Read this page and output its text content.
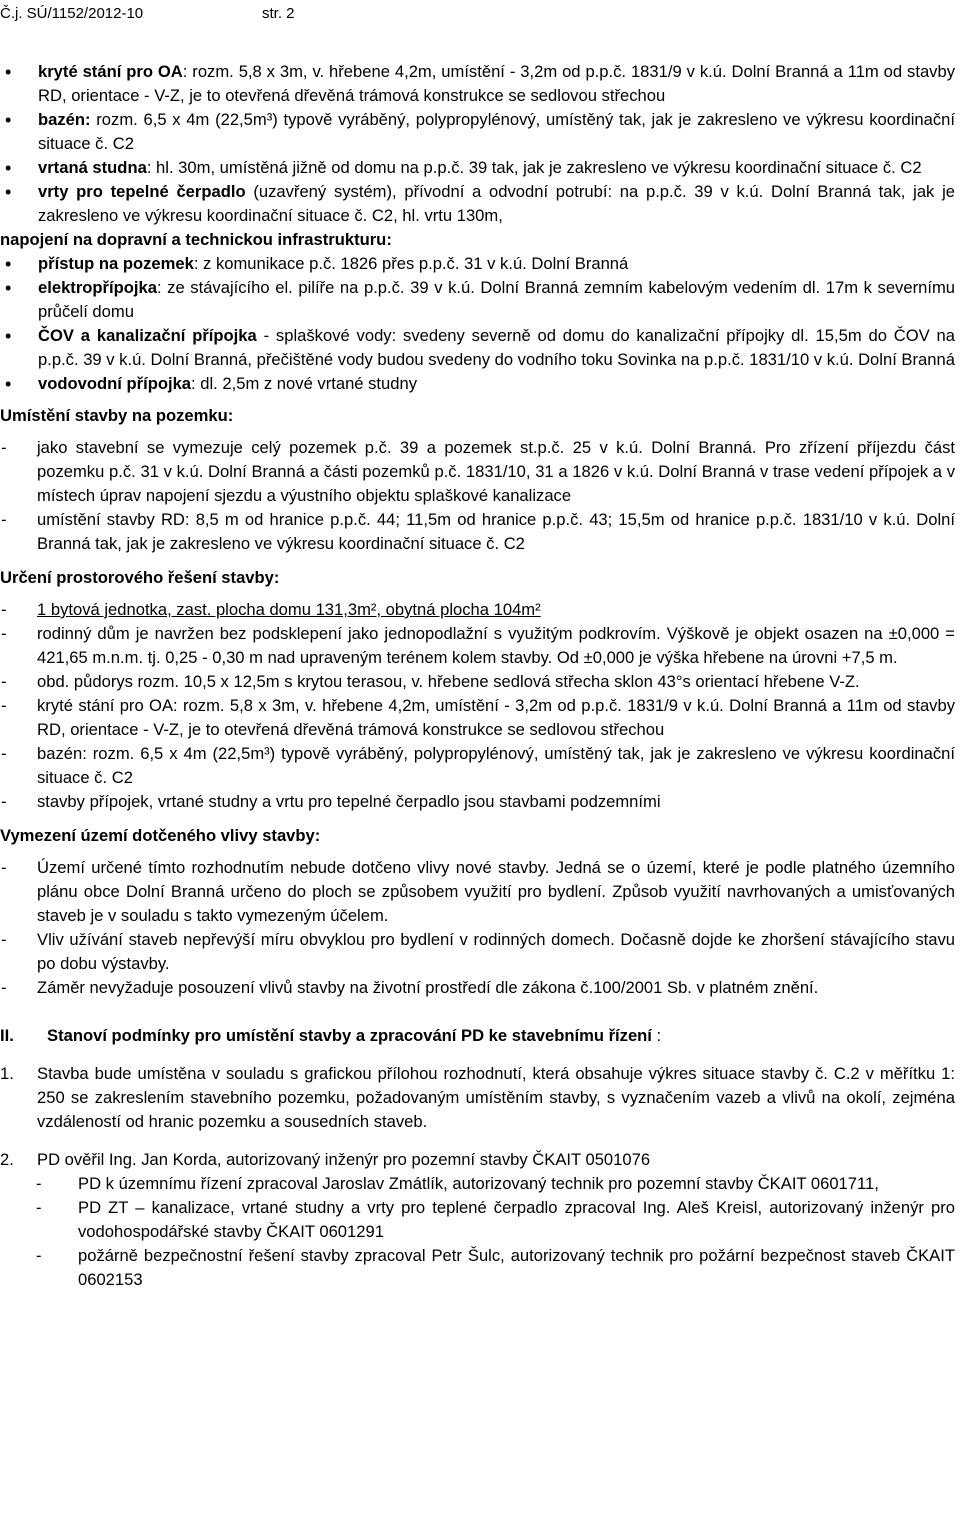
Č.j. SÚ/1152/2012-10	str. 2
• kryté stání pro OA: rozm. 5,8 x 3m, v. hřebene 4,2m, umístění - 3,2m od p.p.č. 1831/9 v k.ú. Dolní Branná a 11m od stavby RD, orientace - V-Z, je to otevřená dřevěná trámová konstrukce se sedlovou střechou
• bazén: rozm. 6,5 x 4m (22,5m³) typově vyráběný, polypropylénový, umístěný tak, jak je zakresleno ve výkresu koordinační situace č. C2
• vrtaná studna: hl. 30m, umístěná jižně od domu na p.p.č. 39 tak, jak je zakresleno ve výkresu koordinační situace č. C2
• vrty pro tepelné čerpadlo (uzavřený systém), přívodní a odvodní potrubí: na p.p.č. 39 v k.ú. Dolní Branná tak, jak je zakresleno ve výkresu koordinační situace č. C2, hl. vrtu 130m,
napojení na dopravní a technickou infrastrukturu:
• přístup na pozemek: z komunikace p.č. 1826 přes p.p.č. 31 v k.ú. Dolní Branná
• elektropřípojka: ze stávajícího el. pilíře na p.p.č. 39 v k.ú. Dolní Branná zemním kabelovým vedením dl. 17m k severnímu průčelí domu
• ČOV a kanalizační přípojka - splaškové vody: svedeny severně od domu do kanalizační přípojky dl. 15,5m do ČOV na p.p.č. 39 v k.ú. Dolní Branná, přečištěné vody budou svedeny do vodního toku Sovinka na p.p.č. 1831/10 v k.ú. Dolní Branná
• vodovodní přípojka: dl. 2,5m z nové vrtané studny
Umístění stavby na pozemku:
- jako stavební se vymezuje celý pozemek p.č. 39 a pozemek st.p.č. 25 v k.ú. Dolní Branná. Pro zřízení příjezdu část pozemku p.č. 31 v k.ú. Dolní Branná a části pozemků p.č. 1831/10, 31 a 1826 v k.ú. Dolní Branná v trase vedení přípojek a v místech úprav napojení sjezdu a výustního objektu splaškové kanalizace
- umístění stavby RD: 8,5 m od hranice p.p.č. 44; 11,5m od hranice p.p.č. 43; 15,5m od hranice p.p.č. 1831/10 v k.ú. Dolní Branná tak, jak je zakresleno ve výkresu koordinační situace č. C2
Určení prostorového řešení stavby:
- 1 bytová jednotka, zast. plocha domu 131,3m², obytná plocha 104m²
- rodinný dům je navržen bez podsklepení jako jednopodlažní s využitým podkrovím. Výškově je objekt osazen na ±0,000 = 421,65 m.n.m. tj. 0,25 - 0,30 m nad upraveným terénem kolem stavby. Od ±0,000 je výška hřebene na úrovni +7,5 m.
- obd. půdorys rozm. 10,5 x 12,5m s krytou terasou, v. hřebene sedlová střecha sklon 43°s orientací hřebene V-Z.
- kryté stání pro OA: rozm. 5,8 x 3m, v. hřebene 4,2m, umístění - 3,2m od p.p.č. 1831/9 v k.ú. Dolní Branná a 11m od stavby RD, orientace - V-Z, je to otevřená dřevěná trámová konstrukce se sedlovou střechou
- bazén: rozm. 6,5 x 4m (22,5m³) typově vyráběný, polypropylénový, umístěný tak, jak je zakresleno ve výkresu koordinační situace č. C2
- stavby přípojek, vrtané studny a vrtu pro tepelné čerpadlo jsou stavbami podzemními
Vymezení území dotčeného vlivy stavby:
- Území určené tímto rozhodnutím nebude dotčeno vlivy nové stavby. Jedná se o území, které je podle platného územního plánu obce Dolní Branná určeno do ploch se způsobem využití pro bydlení. Způsob využití navrhovaných a umisťovaných staveb je v souladu s takto vymezeným účelem.
- Vliv užívání staveb nepřevýší míru obvyklou pro bydlení v rodinných domech. Dočasně dojde ke zhoršení stávajícího stavu po dobu výstavby.
- Záměr nevyžaduje posouzení vlivů stavby na životní prostředí dle zákona č.100/2001 Sb. v platném znění.
II. Stanoví podmínky pro umístění stavby a zpracování PD ke stavebnímu řízení :
1. Stavba bude umístěna v souladu s grafickou přílohou rozhodnutí, která obsahuje výkres situace stavby č. C.2 v měřítku 1: 250 se zakreslením stavebního pozemku, požadovaným umístěním stavby, s vyznačením vazeb a vlivů na okolí, zejména vzdáleností od hranic pozemku a sousedních staveb.
2. PD ověřil Ing. Jan Korda, autorizovaný inženýr pro pozemní stavby ČKAIT 0501076
- PD k územnímu řízení zpracoval Jaroslav Zmátlík, autorizovaný technik pro pozemní stavby ČKAIT 0601711,
- PD ZT – kanalizace, vrtané studny a vrty pro teplené čerpadlo zpracoval Ing. Aleš Kreisl, autorizovaný inženýr pro vodohospodářské stavby ČKAIT 0601291
- požárně bezpečnostní řešení stavby zpracoval Petr Šulc, autorizovaný technik pro požární bezpečnost staveb ČKAIT 0602153
